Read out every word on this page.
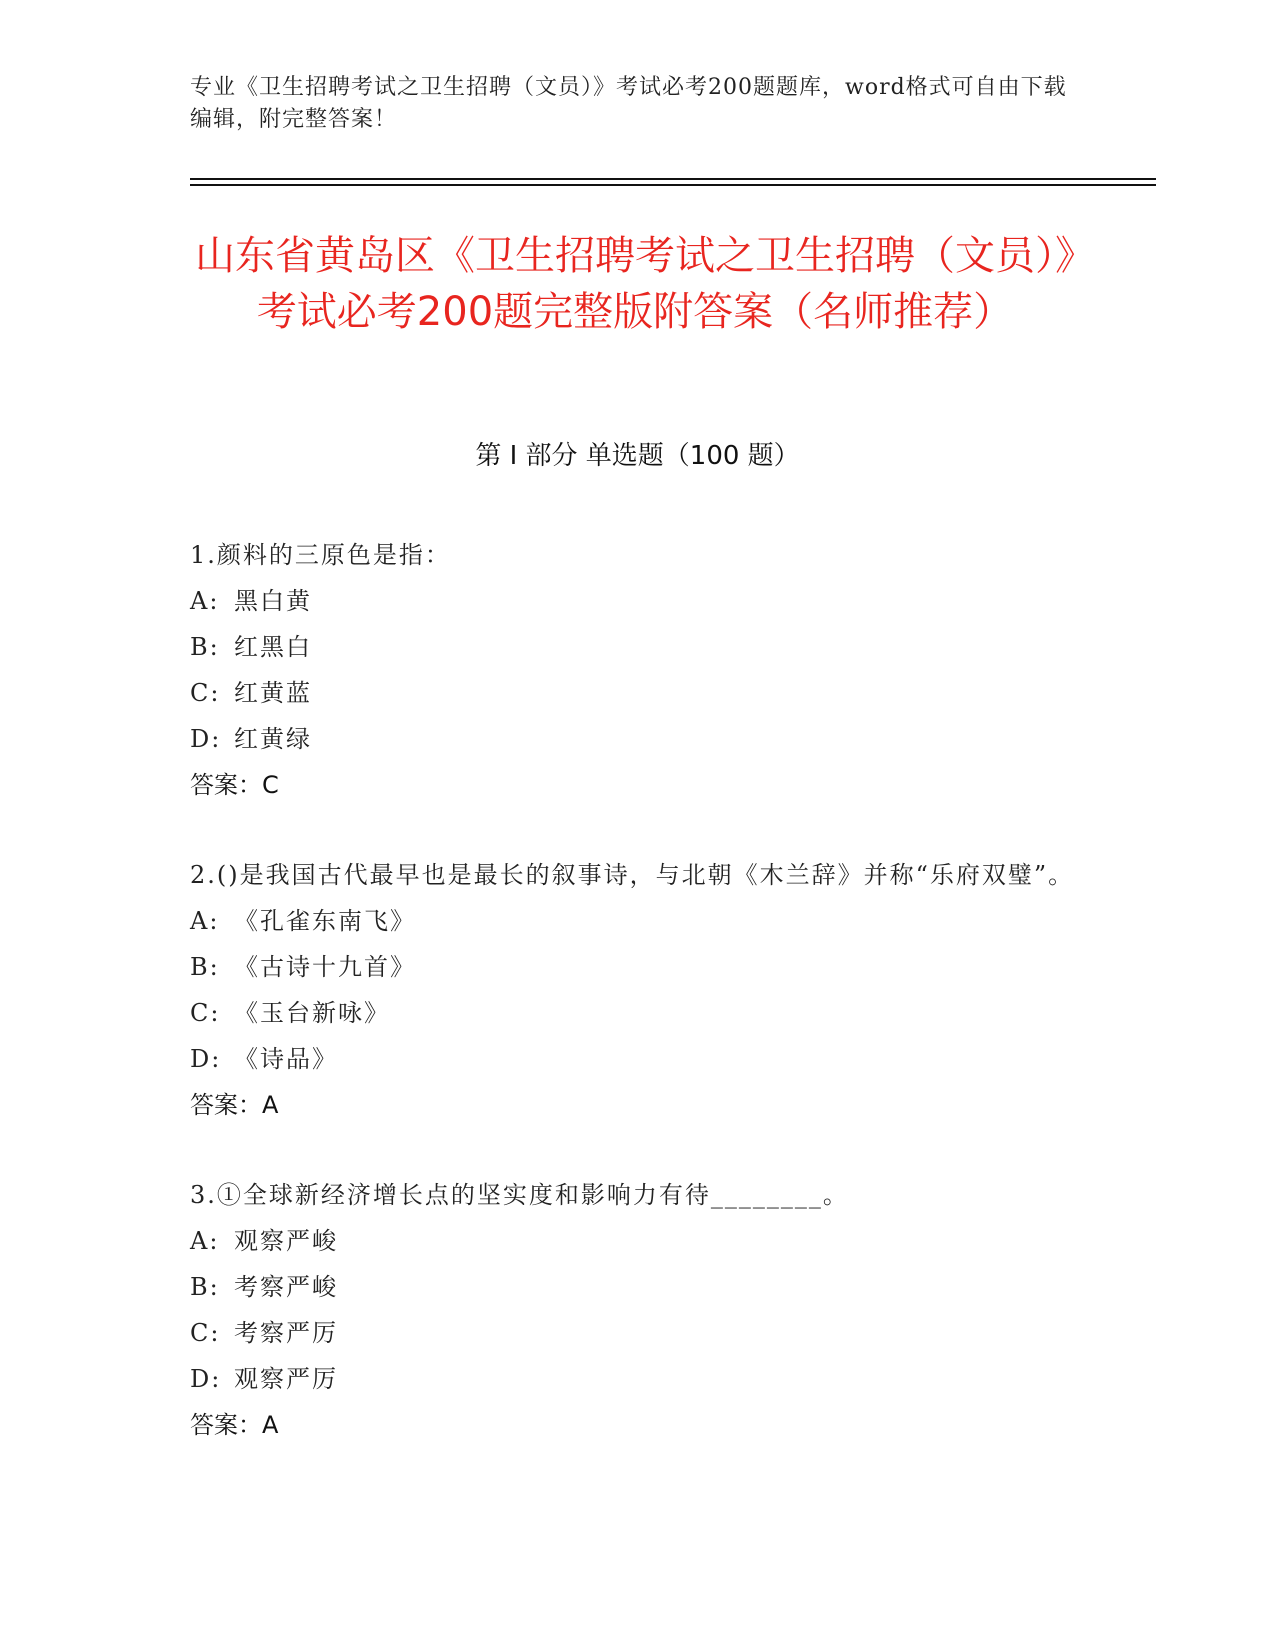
专业《卫生招聘考试之卫生招聘（文员）》考试必考200题题库，word格式可自由下载编辑，附完整答案！
山东省黄岛区《卫生招聘考试之卫生招聘（文员）》考试必考200题完整版附答案（名师推荐）
第 I 部分 单选题（100 题）
1.颜料的三原色是指：
A: 黑白黄
B: 红黑白
C: 红黄蓝
D: 红黄绿
答案：C
2.()是我国古代最早也是最长的叙事诗，与北朝《木兰辞》并称“乐府双璧”。
A: 《孔雀东南飞》
B: 《古诗十九首》
C: 《玉台新咏》
D: 《诗品》
答案：A
3.①全球新经济增长点的坚实度和影响力有待________。
A: 观察严峻
B: 考察严峻
C: 考察严厉
D: 观察严厉
答案：A
